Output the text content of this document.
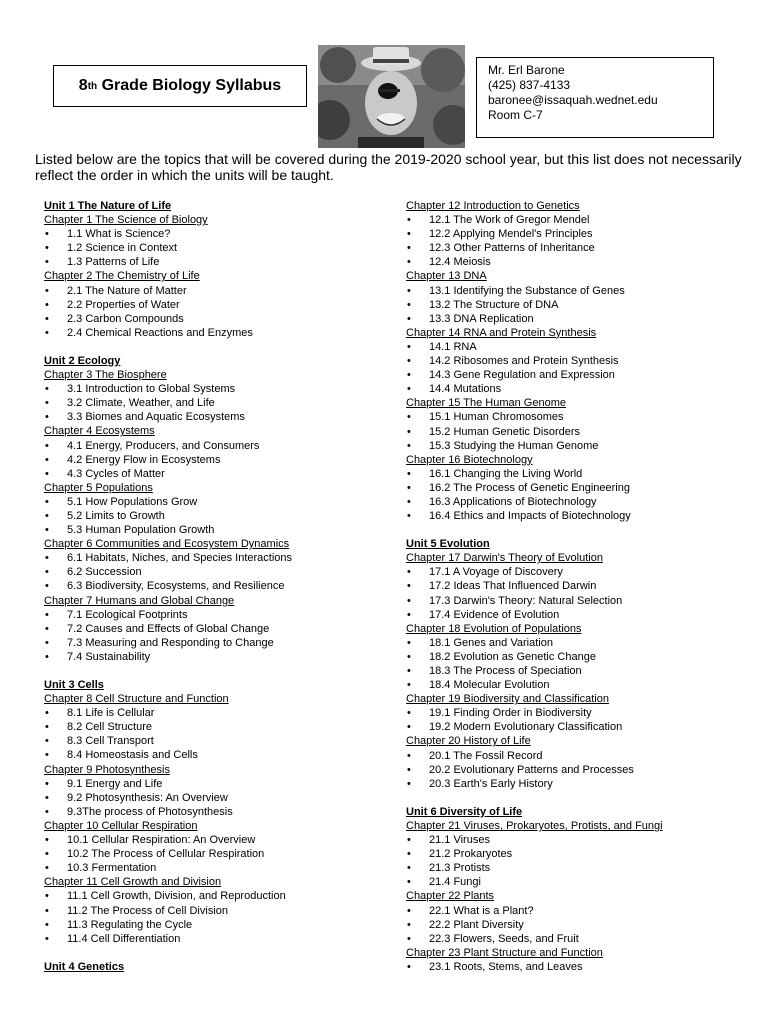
8 th Grade Biology Syllabus
Mr. Erl Barone
(425) 837-4133
baronee@issaquah.wednet.edu
Room C-7
Listed below are the topics that will be covered during the 2019-2020 school year, but this list does not necessarily reflect the order in which the units will be taught.
Unit 1 The Nature of Life
Chapter 1 The Science of Biology
• 1.1 What is Science?
• 1.2 Science in Context
• 1.3 Patterns of Life
Chapter 2 The Chemistry of Life
• 2.1 The Nature of Matter
• 2.2 Properties of Water
• 2.3 Carbon Compounds
• 2.4 Chemical Reactions and Enzymes
Unit 2 Ecology
Chapter 3 The Biosphere
• 3.1 Introduction to Global Systems
• 3.2 Climate, Weather, and Life
• 3.3 Biomes and Aquatic Ecosystems
Chapter 4 Ecosystems
• 4.1 Energy, Producers, and Consumers
• 4.2 Energy Flow in Ecosystems
• 4.3 Cycles of Matter
Chapter 5 Populations
• 5.1 How Populations Grow
• 5.2 Limits to Growth
• 5.3 Human Population Growth
Chapter 6 Communities and Ecosystem Dynamics
• 6.1 Habitats, Niches, and Species Interactions
• 6.2 Succession
• 6.3 Biodiversity, Ecosystems, and Resilience
Chapter 7 Humans and Global Change
• 7.1 Ecological Footprints
• 7.2 Causes and Effects of Global Change
• 7.3 Measuring and Responding to Change
• 7.4 Sustainability
Unit 3 Cells
Chapter 8 Cell Structure and Function
• 8.1 Life is Cellular
• 8.2 Cell Structure
• 8.3 Cell Transport
• 8.4 Homeostasis and Cells
Chapter 9 Photosynthesis
• 9.1 Energy and Life
• 9.2 Photosynthesis: An Overview
• 9.3The process of Photosynthesis
Chapter 10 Cellular Respiration
• 10.1 Cellular Respiration: An Overview
• 10.2 The Process of Cellular Respiration
• 10.3 Fermentation
Chapter 11 Cell Growth and Division
• 11.1 Cell Growth, Division, and Reproduction
• 11.2 The Process of Cell Division
• 11.3 Regulating the Cycle
• 11.4 Cell Differentiation
Unit 4 Genetics
Chapter 12 Introduction to Genetics
• 12.1 The Work of Gregor Mendel
• 12.2 Applying Mendel's Principles
• 12.3 Other Patterns of Inheritance
• 12.4 Meiosis
Chapter 13 DNA
• 13.1 Identifying the Substance of Genes
• 13.2 The Structure of DNA
• 13.3 DNA Replication
Chapter 14 RNA and Protein Synthesis
• 14.1 RNA
• 14.2 Ribosomes and Protein Synthesis
• 14.3 Gene Regulation and Expression
• 14.4 Mutations
Chapter 15 The Human Genome
• 15.1 Human Chromosomes
• 15.2 Human Genetic Disorders
• 15.3 Studying the Human Genome
Chapter 16 Biotechnology
• 16.1 Changing the Living World
• 16.2 The Process of Genetic Engineering
• 16.3 Applications of Biotechnology
• 16.4 Ethics and Impacts of Biotechnology
Unit 5 Evolution
Chapter 17 Darwin's Theory of Evolution
• 17.1 A Voyage of Discovery
• 17.2 Ideas That Influenced Darwin
• 17.3 Darwin's Theory: Natural Selection
• 17.4 Evidence of Evolution
Chapter 18 Evolution of Populations
• 18.1 Genes and Variation
• 18.2 Evolution as Genetic Change
• 18.3 The Process of Speciation
• 18.4 Molecular Evolution
Chapter 19 Biodiversity and Classification
• 19.1 Finding Order in Biodiversity
• 19.2 Modern Evolutionary Classification
Chapter 20 History of Life
• 20.1 The Fossil Record
• 20.2 Evolutionary Patterns and Processes
• 20.3 Earth's Early History
Unit 6 Diversity of Life
Chapter 21 Viruses, Prokaryotes, Protists, and Fungi
• 21.1 Viruses
• 21.2 Prokaryotes
• 21.3 Protists
• 21.4 Fungi
Chapter 22 Plants
• 22.1 What is a Plant?
• 22.2 Plant Diversity
• 22.3 Flowers, Seeds, and Fruit
Chapter 23 Plant Structure and Function
• 23.1 Roots, Stems, and Leaves
